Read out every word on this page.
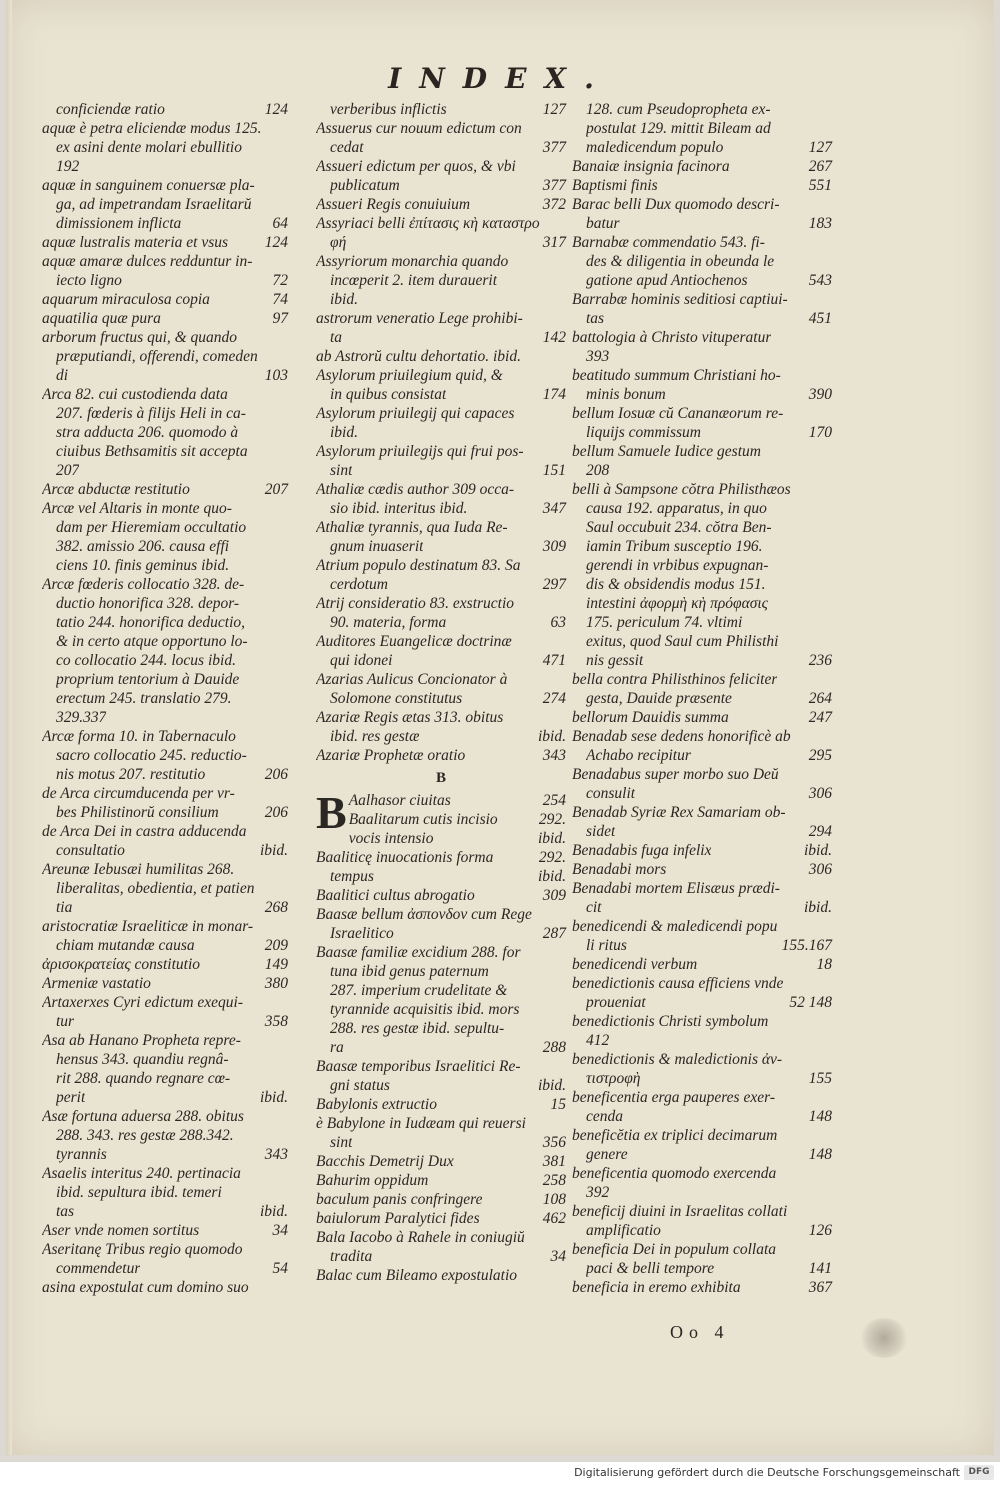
INDEX.
conficiendæ ratio	124
aquæ è petra eliciendæ modus 125.
ex asini dente molari ebullitio
192
aquæ in sanguinem conuersæ pla-
ga, ad impetrandam Israelitarŭ
dimissionem inflicta	64
aquæ lustralis materia et vsus 124
aquæ amaræ dulces redduntur in-
iecto ligno	72
aquarum miraculosa copia	74
aquatilia quæ pura	97
arborum fructus qui, & quando
præputiandi, offerendi, comeden
di	103
Arca 82. cui custodienda data
207. fœderis à filijs Heli in ca-
stra adducta 206. quomodo à
ciuibus Bethsamitis sit accepta
207
Arcæ abductæ restitutio	207
Arcæ vel Altaris in monte quo-
dam per Hieremiam occultatio
382. amissio 206. causa effi
ciens 10. finis geminus ibid.
Arcæ fœderis collocatio 328. de-
ductio honorifica 328. depor-
tatio 244. honorifica deductio,
& in certo atque opportuno lo-
co collocatio 244. locus ibid.
proprium tentorium à Dauide
erectum 245. translatio 279.
329.337
Arcæ forma 10. in Tabernaculo
sacro collocatio 245. reductio-
nis motus 207. restitutio	206
de Arca circumducenda per vr-
bes Philistinorŭ consilium	206
de Arca Dei in castra adducenda
consultatio	ibid.
Areunæ Iebusæi humilitas 268.
liberalitas, obedientia, et patien
tia	268
aristocratiæ Israeliticæ in monar-
chiam mutandæ causa	209
ἀρισοκρατείας constitutio	149
Armeniæ vastatio	380
Artaxerxes Cyri edictum exequi-
tur	358
Asa ab Hanano Propheta repre-
hensus 343. quandiu regnâ-
rit 288. quando regnare cœ-
perit	ibid.
Asæ fortuna aduersa 288. obitus
288. 343. res gestæ 288.342.
tyrannis	343
Asaelis interitus 240. pertinacia
ibid. sepultura ibid. temeri
tas	ibid.
Aser vnde nomen sortitus	34
Aseritanę Tribus regio quomodo
commendetur	54
asina expostulat cum domino suo
verberibus inflictis	127
Assuerus cur nouum edictum con
cedat	377
Assueri edictum per quos, & vbi
publicatum	377
Assueri Regis conuiuium	372
Assyriaci belli ἐπίτασις κὴ καταστρο
φή	317
Assyriorum monarchia quando
incœperit 2. item durauerit
ibid.
astrorum veneratio Lege prohibi-
ta	142
ab Astrorŭ cultu dehortatio. ibid.
Asylorum priuilegium quid, &
in quibus consistat	174
Asylorum priuilegij qui capaces
ibid.
Asylorum priuilegijs qui frui pos-
sint	151
Athaliæ cædis author 309 occa-
sio ibid. interitus ibid.	347
Athaliæ tyrannis, qua Iuda Re-
gnum inuaserit	309
Atrium populo destinatum 83. Sa
cerdotum	297
Atrij consideratio 83. exstructio
90. materia, forma	63
Auditores Euangelicæ doctrinæ
qui idonei	471
Azarias Aulicus Concionator à
Solomone constitutus	274
Azariæ Regis ætas 313. obitus
ibid. res gestæ	ibid.
Azariæ Prophetæ oratio	343
B
B Aalhasor ciuitas	254
Baalitarum cutis incisio	292.
vocis intensio	ibid.
Baaliticę inuocationis forma	292.
tempus	ibid.
Baalitici cultus abrogatio	309
Baasæ bellum ἀσπονδον cum Rege
Israelitico	287
Baasæ familiæ excidium 288. for
tuna ibid genus paternum
287. imperium crudelitate &
tyrannide acquisitis ibid. mors
288. res gestæ ibid. sepultu-
ra	288
Baasæ temporibus Israelitici Re-
gni status	ibid.
Babylonis extructio	15
è Babylone in Iudæam qui reuersi
sint	356
Bacchis Demetrij Dux	381
Bahurim oppidum	258
baculum panis confringere	108
baiulorum Paralytici fides	462
Bala Iacobo à Rahele in coniugiŭ
tradita	34
Balac cum Bileamo expostulatio
128. cum Pseudopropheta ex-
postulat 129. mittit Bileam ad
maledicendum populo	127
Banaiæ insignia facinora	267
Baptismi finis	551
Barac belli Dux quomodo descri-
batur	183
Barnabæ commendatio 543. fi-
des & diligentia in obeunda le
gatione apud Antiochenos	543
Barrabæ hominis seditiosi captiui-
tas	451
battologia à Christo vituperatur
393
beatitudo summum Christiani ho-
minis bonum	390
bellum Iosuæ cŭ Cananæorum re-
liquijs commissum	170
bellum Samuele Iudice gestum
208
belli à Sampsone cŏtra Philisthæos
causa 192. apparatus, in quo
Saul occubuit 234. cŏtra Ben-
iamin Tribum susceptio 196.
gerendi in vrbibus expugnan-
dis & obsidendis modus 151.
intestini ἀφορμὴ κὴ πρόφασις
175. periculum 74. vltimi
exitus, quod Saul cum Philisthi
nis gessit	236
bella contra Philisthinos feliciter
gesta, Dauide præsente	264
bellorum Dauidis summa	247
Benadab sese dedens honorificè ab
Achabo recipitur	295
Benadabus super morbo suo Deŭ
consulit	306
Benadab Syriæ Rex Samariam ob-
sidet	294
Benadabis fuga infelix	ibid.
Benadabi mors	306
Benadabi mortem Elisæus prædi-
cit	ibid.
benedicendi & maledicendi popu
li ritus	155.167
benedicendi verbum	18
benedictionis causa efficiens vnde
proueniat	52 148
benedictionis Christi symbolum
412
benedictionis & maledictionis ἀν-
τιστροφὴ	155
beneficentia erga pauperes exer-
cenda	148
beneficĕtia ex triplici decimarum
genere	148
beneficentia quomodo exercenda
392
beneficij diuini in Israelitas collati
amplificatio	126
beneficia Dei in populum collata
paci & belli tempore	141
beneficia in eremo exhibita	367
Oo 4
Digitalisierung gefördert durch die Deutsche Forschungsgemeinschaft DFG
